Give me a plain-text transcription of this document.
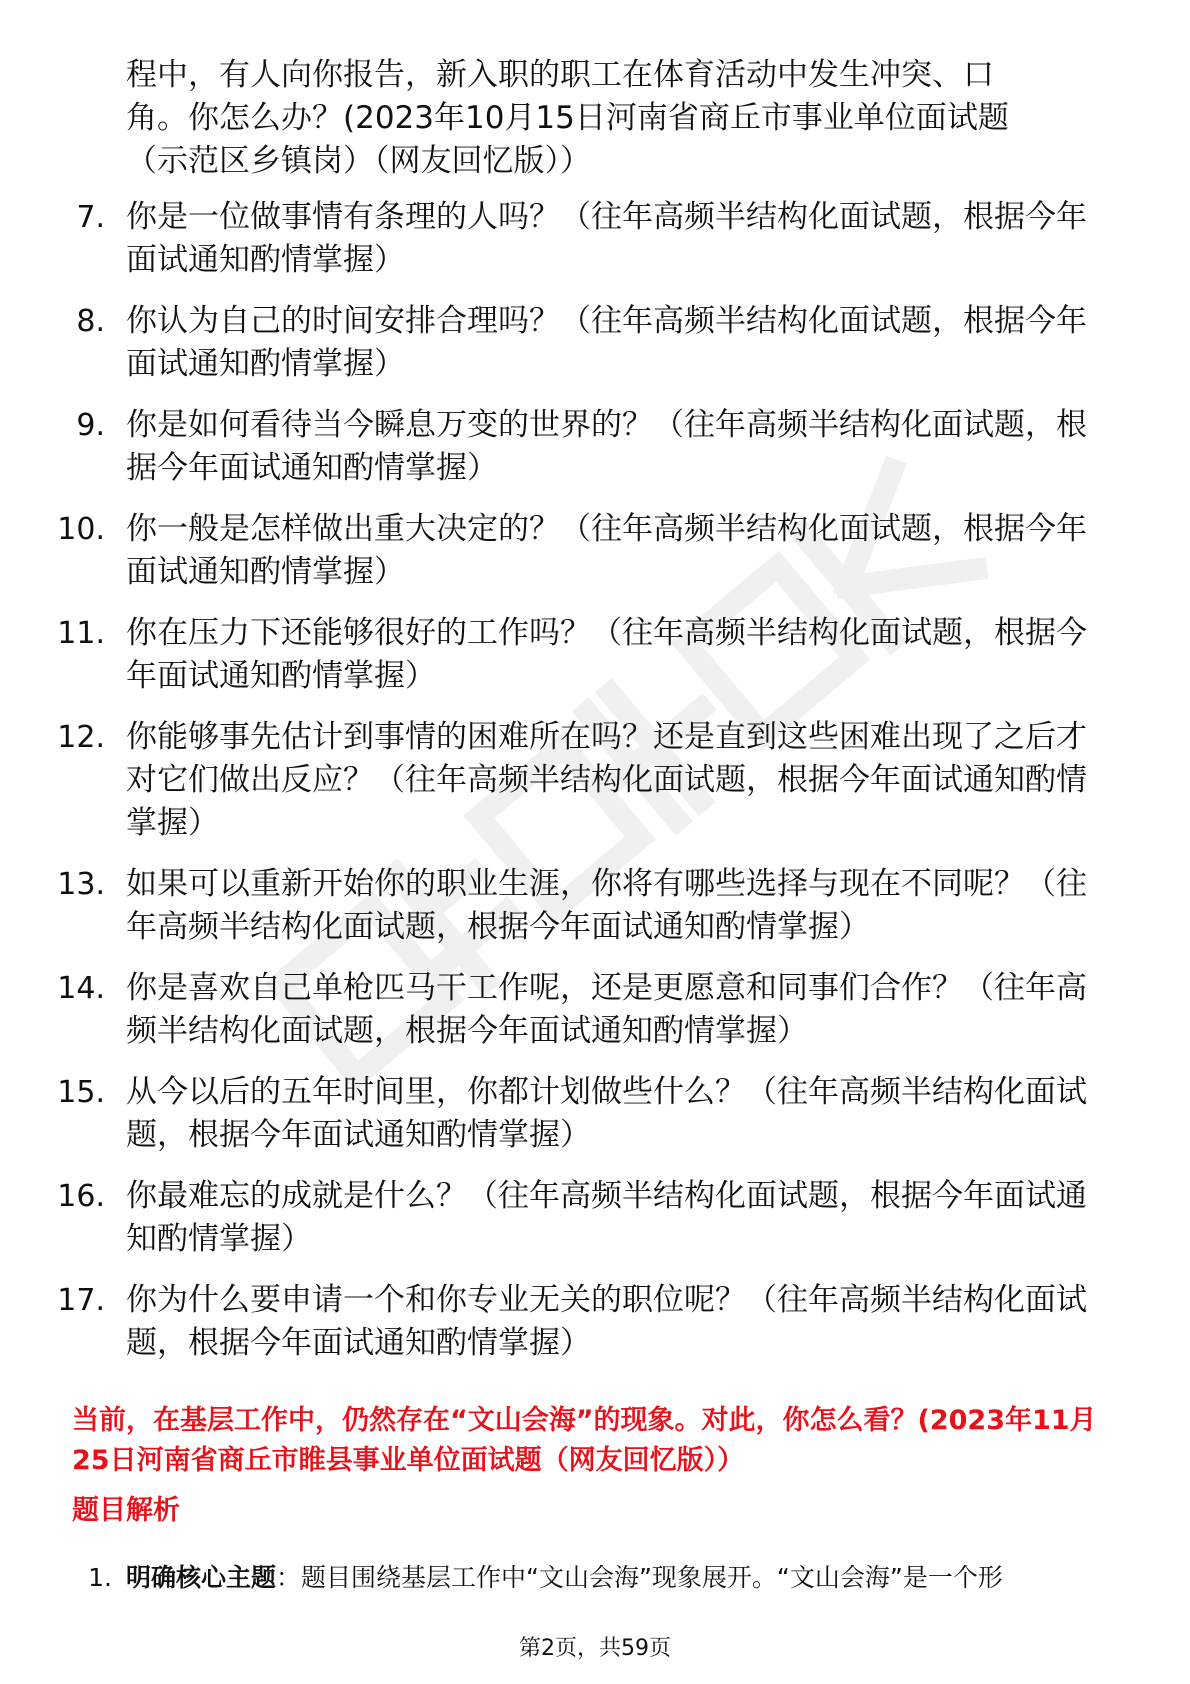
程中，有人向你报告，新入职的职工在体育活动中发生冲突、口
角。你怎么办？(2023年10月15日河南省商丘市事业单位面试题
（示范区乡镇岗）（网友回忆版））
7. 你是一位做事情有条理的人吗？（往年高频半结构化面试题，根据今年面试通知酌情掌握）
8. 你认为自己的时间安排合理吗？（往年高频半结构化面试题，根据今年面试通知酌情掌握）
9. 你是如何看待当今瞬息万变的世界的？（往年高频半结构化面试题，根据今年面试通知酌情掌握）
10. 你一般是怎样做出重大决定的？（往年高频半结构化面试题，根据今年面试通知酌情掌握）
11. 你在压力下还能够很好的工作吗？（往年高频半结构化面试题，根据今年面试通知酌情掌握）
12. 你能够事先估计到事情的困难所在吗？还是直到这些困难出现了之后才对它们做出反应？（往年高频半结构化面试题，根据今年面试通知酌情掌握）
13. 如果可以重新开始你的职业生涯，你将有哪些选择与现在不同呢？（往年高频半结构化面试题，根据今年面试通知酌情掌握）
14. 你是喜欢自己单枪匹马干工作呢，还是更愿意和同事们合作？（往年高频半结构化面试题，根据今年面试通知酌情掌握）
15. 从今以后的五年时间里，你都计划做些什么？（往年高频半结构化面试题，根据今年面试通知酌情掌握）
16. 你最难忘的成就是什么？（往年高频半结构化面试题，根据今年面试通知酌情掌握）
17. 你为什么要申请一个和你专业无关的职位呢？（往年高频半结构化面试题，根据今年面试通知酌情掌握）

当前，在基层工作中，仍然存在“文山会海”的现象。对此，你怎么看？(2023年11月25日河南省商丘市睢县事业单位面试题（网友回忆版））

题目解析

1. 明确核心主题：题目围绕基层工作中“文山会海”现象展开。“文山会海”是一个形
第2页，共59页
